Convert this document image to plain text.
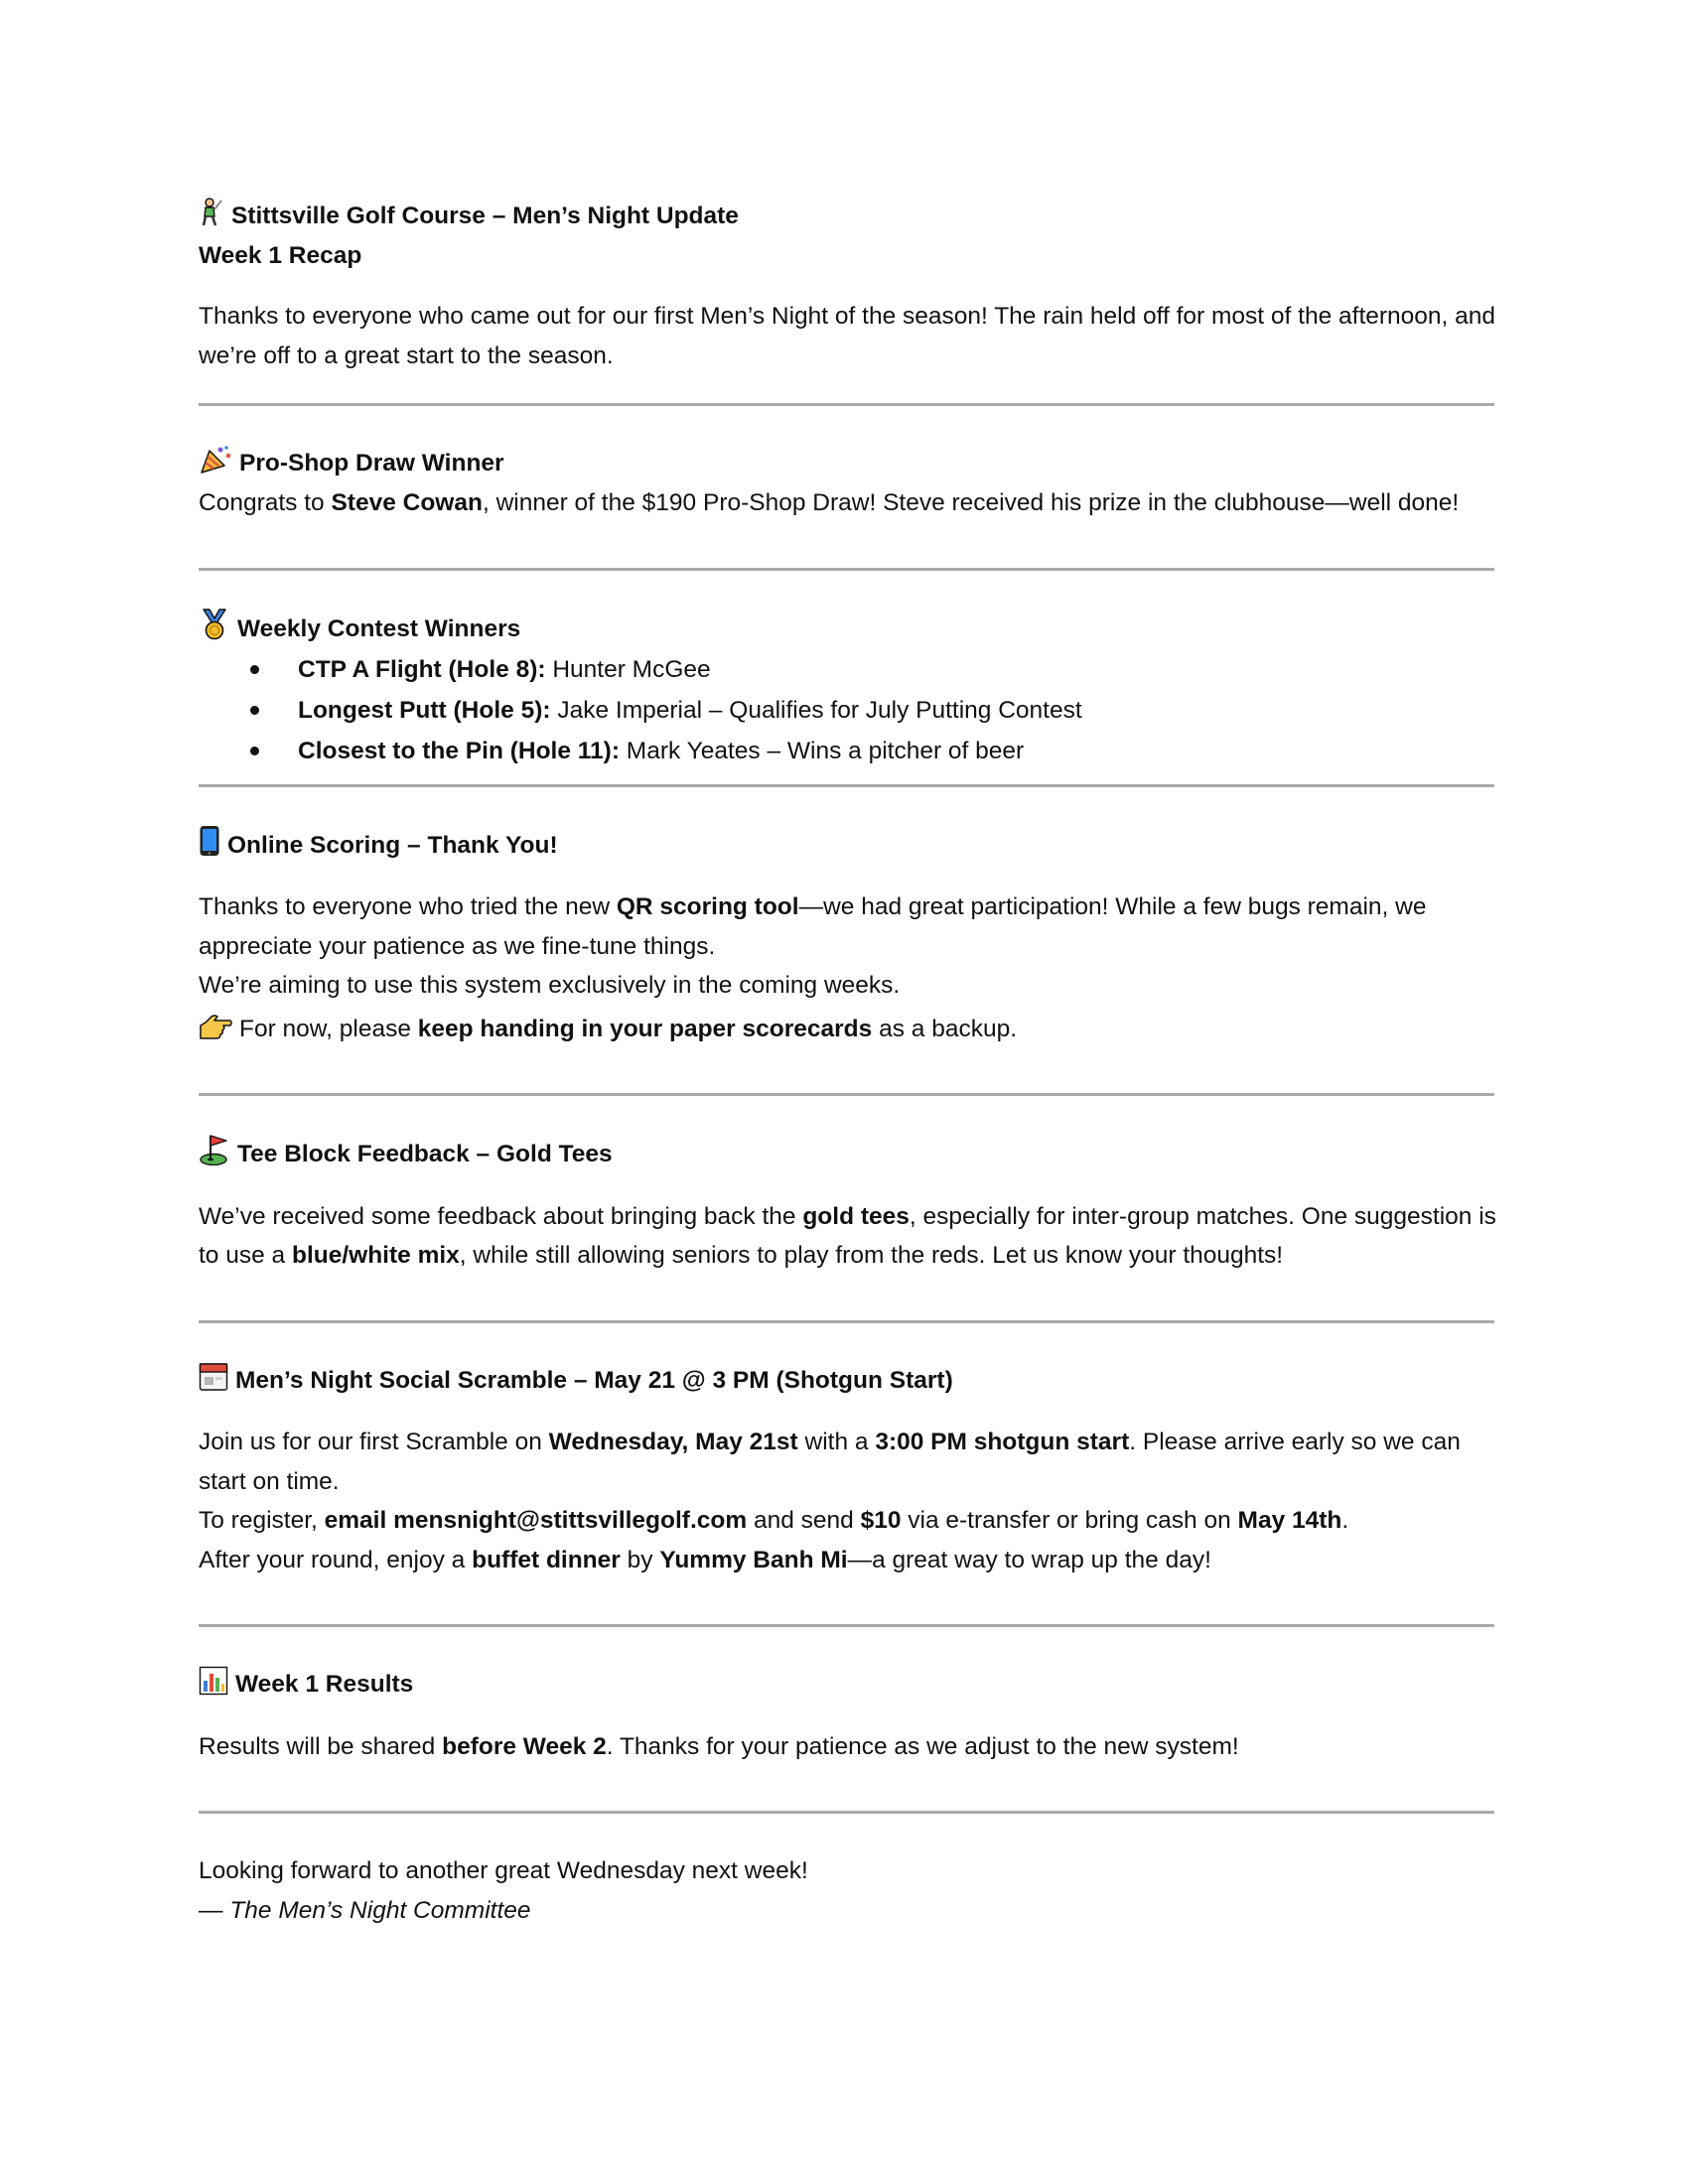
Stittsville Golf Course – Men’s Night Update
Week 1 Recap

Thanks to everyone who came out for our first Men’s Night of the season! The rain held off for most of the afternoon, and we’re off to a great start to the season.

Pro-Shop Draw Winner

Congrats to Steve Cowan, winner of the $190 Pro-Shop Draw! Steve received his prize in the clubhouse—well done!

Weekly Contest Winners
CTP A Flight (Hole 8): Hunter McGee
Longest Putt (Hole 5): Jake Imperial – Qualifies for July Putting Contest
Closest to the Pin (Hole 11): Mark Yeates – Wins a pitcher of beer
Online Scoring – Thank You!

Thanks to everyone who tried the new QR scoring tool—we had great participation! While a few bugs remain, we appreciate your patience as we fine-tune things.

We’re aiming to use this system exclusively in the coming weeks.

For now, please keep handing in your paper scorecards as a backup.

Tee Block Feedback – Gold Tees

We’ve received some feedback about bringing back the gold tees, especially for inter-group matches. One suggestion is to use a blue/white mix, while still allowing seniors to play from the reds. Let us know your thoughts!

Men’s Night Social Scramble – May 21 @ 3 PM (Shotgun Start)

Join us for our first Scramble on Wednesday, May 21st with a 3:00 PM shotgun start. Please arrive early so we can start on time.

To register, email mensnight@stittsvillegolf.com and send $10 via e-transfer or bring cash on May 14th.

After your round, enjoy a buffet dinner by Yummy Banh Mi—a great way to wrap up the day!

Week 1 Results

Results will be shared before Week 2. Thanks for your patience as we adjust to the new system!

Looking forward to another great Wednesday next week!

— The Men’s Night Committee
